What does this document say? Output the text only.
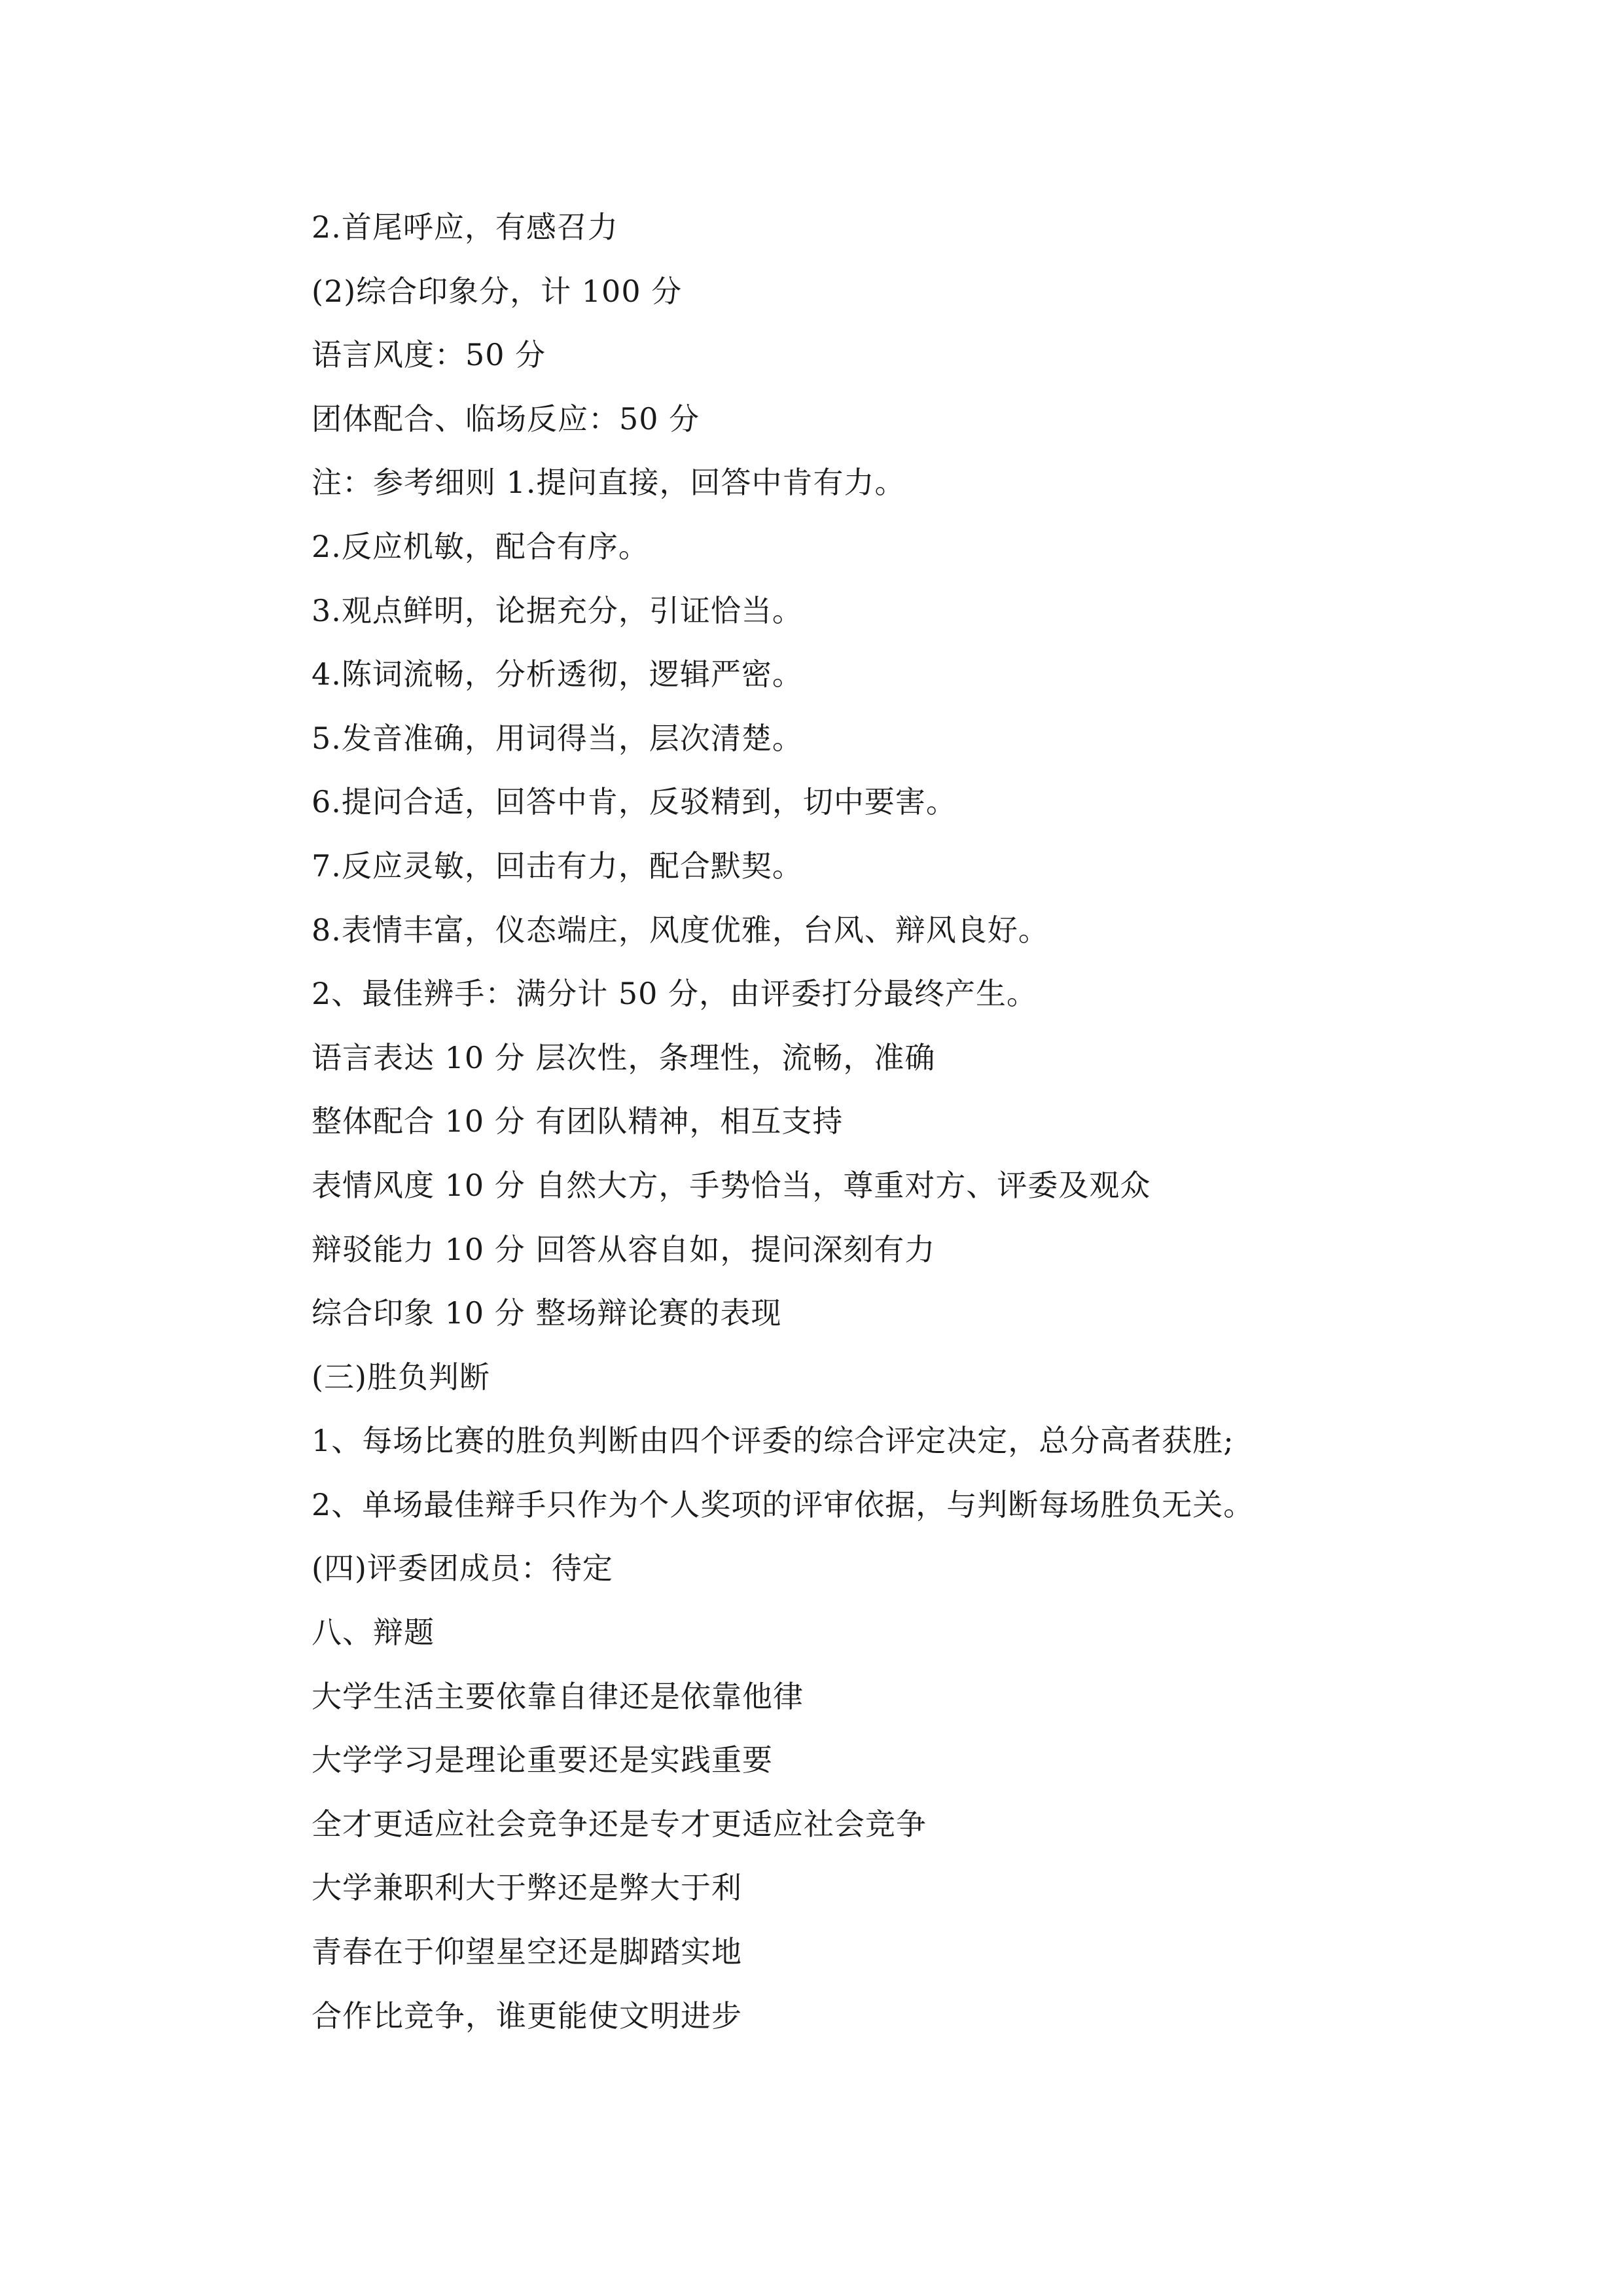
2.首尾呼应，有感召力
(2)综合印象分，计 100 分
语言风度：50 分
团体配合、临场反应：50 分
注：参考细则 1.提问直接，回答中肯有力。
2.反应机敏，配合有序。
3.观点鲜明，论据充分，引证恰当。
4.陈词流畅，分析透彻，逻辑严密。
5.发音准确，用词得当，层次清楚。
6.提问合适，回答中肯，反驳精到，切中要害。
7.反应灵敏，回击有力，配合默契。
8.表情丰富，仪态端庄，风度优雅，台风、辩风良好。
2、最佳辨手：满分计 50 分，由评委打分最终产生。
语言表达 10 分 层次性，条理性，流畅，准确
整体配合 10 分 有团队精神，相互支持
表情风度 10 分 自然大方，手势恰当，尊重对方、评委及观众
辩驳能力 10 分 回答从容自如，提问深刻有力
综合印象 10 分 整场辩论赛的表现
(三)胜负判断
1、每场比赛的胜负判断由四个评委的综合评定决定，总分高者获胜;
2、单场最佳辩手只作为个人奖项的评审依据，与判断每场胜负无关。
(四)评委团成员：待定
八、辩题
大学生活主要依靠自律还是依靠他律
大学学习是理论重要还是实践重要
全才更适应社会竞争还是专才更适应社会竞争
大学兼职利大于弊还是弊大于利
青春在于仰望星空还是脚踏实地
合作比竞争，谁更能使文明进步
